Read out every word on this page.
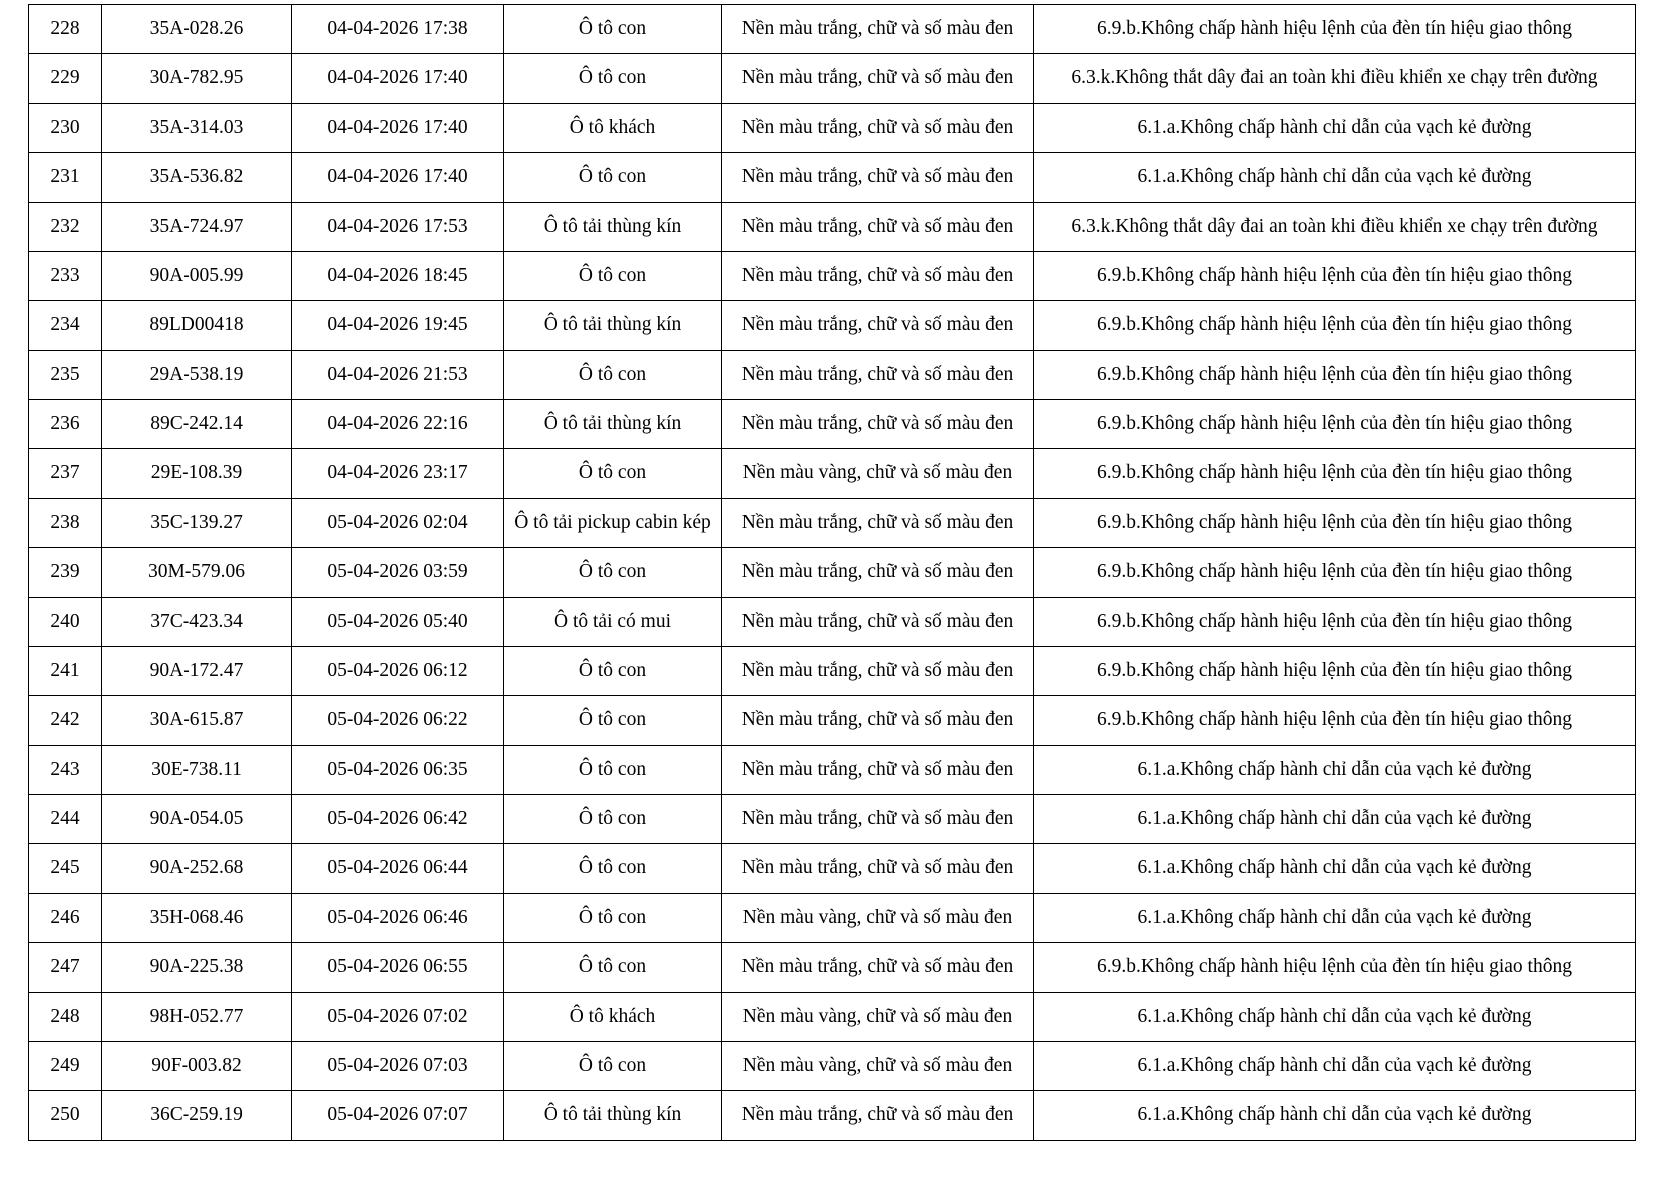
228	35A-028.26	04-04-2026 17:38	Ô tô con	Nền màu trắng, chữ và số màu đen	6.9.b.Không chấp hành hiệu lệnh của đèn tín hiệu giao thông
229	30A-782.95	04-04-2026 17:40	Ô tô con	Nền màu trắng, chữ và số màu đen	6.3.k.Không thắt dây đai an toàn khi điều khiển xe chạy trên đường
230	35A-314.03	04-04-2026 17:40	Ô tô khách	Nền màu trắng, chữ và số màu đen	6.1.a.Không chấp hành chỉ dẫn của vạch kẻ đường
231	35A-536.82	04-04-2026 17:40	Ô tô con	Nền màu trắng, chữ và số màu đen	6.1.a.Không chấp hành chỉ dẫn của vạch kẻ đường
232	35A-724.97	04-04-2026 17:53	Ô tô tải thùng kín	Nền màu trắng, chữ và số màu đen	6.3.k.Không thắt dây đai an toàn khi điều khiển xe chạy trên đường
233	90A-005.99	04-04-2026 18:45	Ô tô con	Nền màu trắng, chữ và số màu đen	6.9.b.Không chấp hành hiệu lệnh của đèn tín hiệu giao thông
234	89LD00418	04-04-2026 19:45	Ô tô tải thùng kín	Nền màu trắng, chữ và số màu đen	6.9.b.Không chấp hành hiệu lệnh của đèn tín hiệu giao thông
235	29A-538.19	04-04-2026 21:53	Ô tô con	Nền màu trắng, chữ và số màu đen	6.9.b.Không chấp hành hiệu lệnh của đèn tín hiệu giao thông
236	89C-242.14	04-04-2026 22:16	Ô tô tải thùng kín	Nền màu trắng, chữ và số màu đen	6.9.b.Không chấp hành hiệu lệnh của đèn tín hiệu giao thông
237	29E-108.39	04-04-2026 23:17	Ô tô con	Nền màu vàng, chữ và số màu đen	6.9.b.Không chấp hành hiệu lệnh của đèn tín hiệu giao thông
238	35C-139.27	05-04-2026 02:04	Ô tô tải pickup cabin kép	Nền màu trắng, chữ và số màu đen	6.9.b.Không chấp hành hiệu lệnh của đèn tín hiệu giao thông
239	30M-579.06	05-04-2026 03:59	Ô tô con	Nền màu trắng, chữ và số màu đen	6.9.b.Không chấp hành hiệu lệnh của đèn tín hiệu giao thông
240	37C-423.34	05-04-2026 05:40	Ô tô tải có mui	Nền màu trắng, chữ và số màu đen	6.9.b.Không chấp hành hiệu lệnh của đèn tín hiệu giao thông
241	90A-172.47	05-04-2026 06:12	Ô tô con	Nền màu trắng, chữ và số màu đen	6.9.b.Không chấp hành hiệu lệnh của đèn tín hiệu giao thông
242	30A-615.87	05-04-2026 06:22	Ô tô con	Nền màu trắng, chữ và số màu đen	6.9.b.Không chấp hành hiệu lệnh của đèn tín hiệu giao thông
243	30E-738.11	05-04-2026 06:35	Ô tô con	Nền màu trắng, chữ và số màu đen	6.1.a.Không chấp hành chỉ dẫn của vạch kẻ đường
244	90A-054.05	05-04-2026 06:42	Ô tô con	Nền màu trắng, chữ và số màu đen	6.1.a.Không chấp hành chỉ dẫn của vạch kẻ đường
245	90A-252.68	05-04-2026 06:44	Ô tô con	Nền màu trắng, chữ và số màu đen	6.1.a.Không chấp hành chỉ dẫn của vạch kẻ đường
246	35H-068.46	05-04-2026 06:46	Ô tô con	Nền màu vàng, chữ và số màu đen	6.1.a.Không chấp hành chỉ dẫn của vạch kẻ đường
247	90A-225.38	05-04-2026 06:55	Ô tô con	Nền màu trắng, chữ và số màu đen	6.9.b.Không chấp hành hiệu lệnh của đèn tín hiệu giao thông
248	98H-052.77	05-04-2026 07:02	Ô tô khách	Nền màu vàng, chữ và số màu đen	6.1.a.Không chấp hành chỉ dẫn của vạch kẻ đường
249	90F-003.82	05-04-2026 07:03	Ô tô con	Nền màu vàng, chữ và số màu đen	6.1.a.Không chấp hành chỉ dẫn của vạch kẻ đường
250	36C-259.19	05-04-2026 07:07	Ô tô tải thùng kín	Nền màu trắng, chữ và số màu đen	6.1.a.Không chấp hành chỉ dẫn của vạch kẻ đường
